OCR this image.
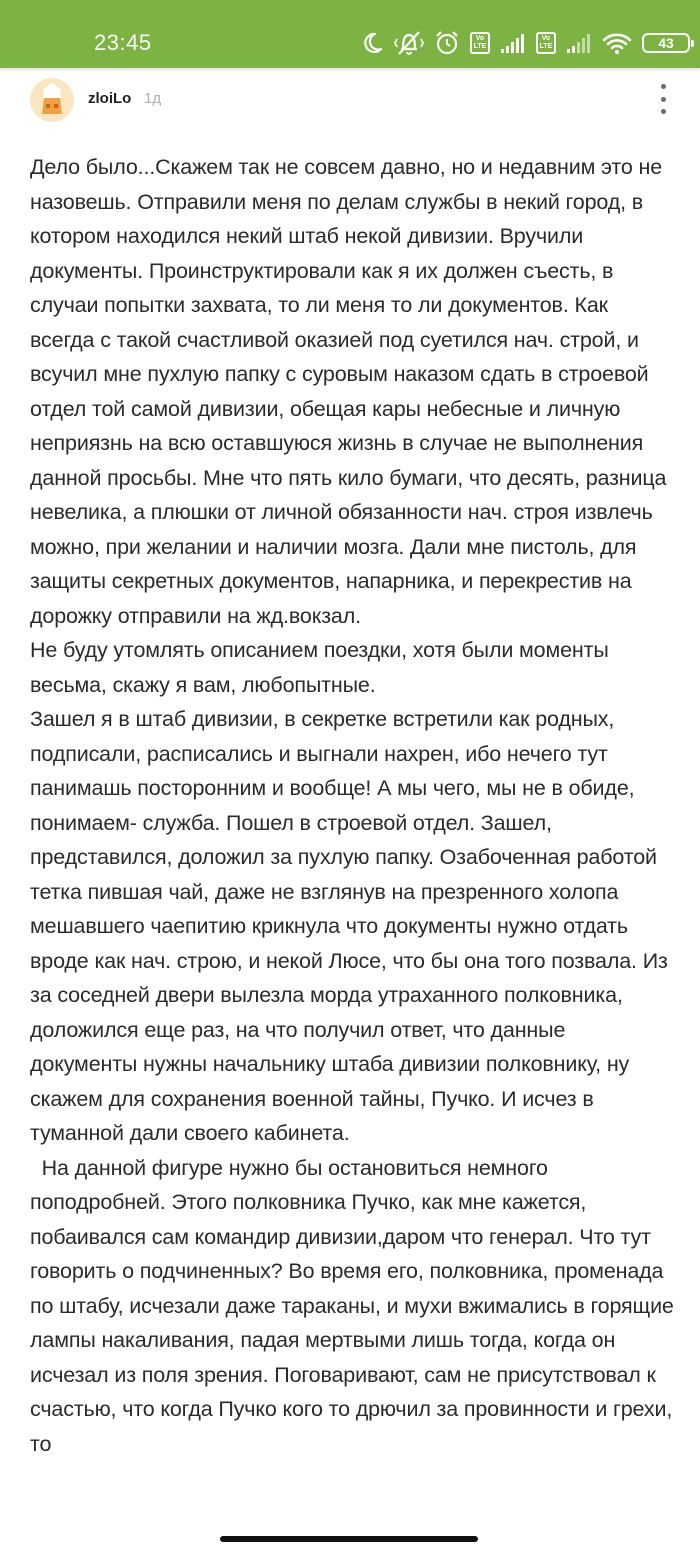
23:45	Vo
LTE
Vo
LTE	43
zloiLo 1д

Дело было...Скажем так не совсем давно, но и недавним это не назовешь. Отправили меня по делам службы в некий город, в котором находился некий штаб некой дивизии. Вручили документы. Проинструктировали как я их должен съесть, в случаи попытки захвата, то ли меня то ли документов. Как всегда с такой счастливой оказией под суетился нач. строй, и всучил мне пухлую папку с суровым наказом сдать в строевой отдел той самой дивизии, обещая кары небесные и личную неприязнь на всю оставшуюся жизнь в случае не выполнения данной просьбы. Мне что пять кило бумаги, что десять, разница невелика, а плюшки от личной обязанности нач. строя извлечь можно, при желании и наличии мозга. Дали мне пистоль, для защиты секретных документов, напарника, и перекрестив на дорожку отправили на жд.вокзал.

Не буду утомлять описанием поездки, хотя были моменты весьма, скажу я вам, любопытные.

Зашел я в штаб дивизии, в секретке встретили как родных, подписали, расписались и выгнали нахрен, ибо нечего тут панимашь посторонним и вообще! А мы чего, мы не в обиде, понимаем- служба. Пошел в строевой отдел. Зашел, представился, доложил за пухлую папку. Озабоченная работой тетка пившая чай, даже не взглянув на презренного холопа мешавшего чаепитию крикнула что документы нужно отдать вроде как нач. строю, и некой Люсе, что бы она того позвала. Из за соседней двери вылезла морда утраханного полковника, доложился еще раз, на что получил ответ, что данные документы нужны начальнику штаба дивизии полковнику, ну скажем для сохранения военной тайны, Пучко. И исчез в туманной дали своего кабинета.

На данной фигуре нужно бы остановиться немного поподробней. Этого полковника Пучко, как мне кажется, побаивался сам командир дивизии,даром что генерал. Что тут говорить о подчиненных? Во время его, полковника, променада по штабу, исчезали даже тараканы, и мухи вжимались в горящие лампы накаливания, падая мертвыми лишь тогда, когда он исчезал из поля зрения. Поговаривают, сам не присутствовал к счастью, что когда Пучко кого то дрючил за провинности и грехи, то
